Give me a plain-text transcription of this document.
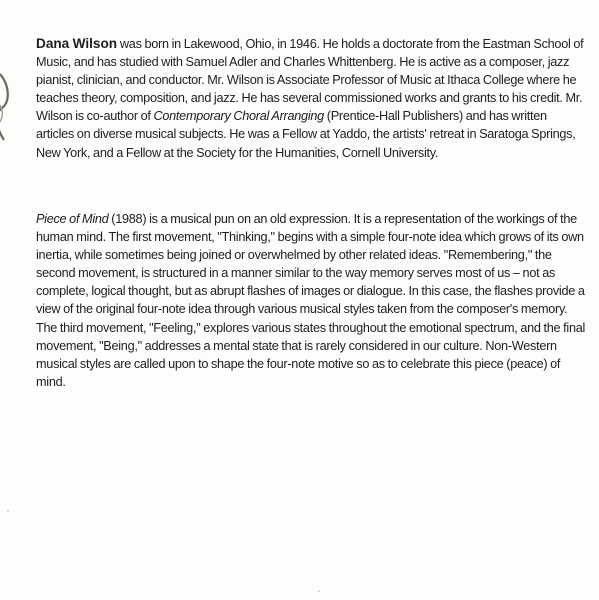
Dana Wilson was born in Lakewood, Ohio, in 1946. He holds a doctorate from the Eastman School of Music, and has studied with Samuel Adler and Charles Whittenberg. He is active as a composer, jazz pianist, clinician, and conductor. Mr. Wilson is Associate Professor of Music at Ithaca College where he teaches theory, composition, and jazz. He has several commissioned works and grants to his credit. Mr. Wilson is co-author of Contemporary Choral Arranging (Prentice-Hall Publishers) and has written articles on diverse musical subjects. He was a Fellow at Yaddo, the artists' retreat in Saratoga Springs, New York, and a Fellow at the Society for the Humanities, Cornell University.

Piece of Mind (1988) is a musical pun on an old expression. It is a representation of the workings of the human mind. The first movement, "Thinking," begins with a simple four-note idea which grows of its own inertia, while sometimes being joined or overwhelmed by other related ideas. "Remembering," the second movement, is structured in a manner similar to the way memory serves most of us – not as complete, logical thought, but as abrupt flashes of images or dialogue. In this case, the flashes provide a view of the original four-note idea through various musical styles taken from the composer's memory. The third movement, "Feeling," explores various states throughout the emotional spectrum, and the final movement, "Being," addresses a mental state that is rarely considered in our culture. Non-Western musical styles are called upon to shape the four-note motive so as to celebrate this piece (peace) of mind.
